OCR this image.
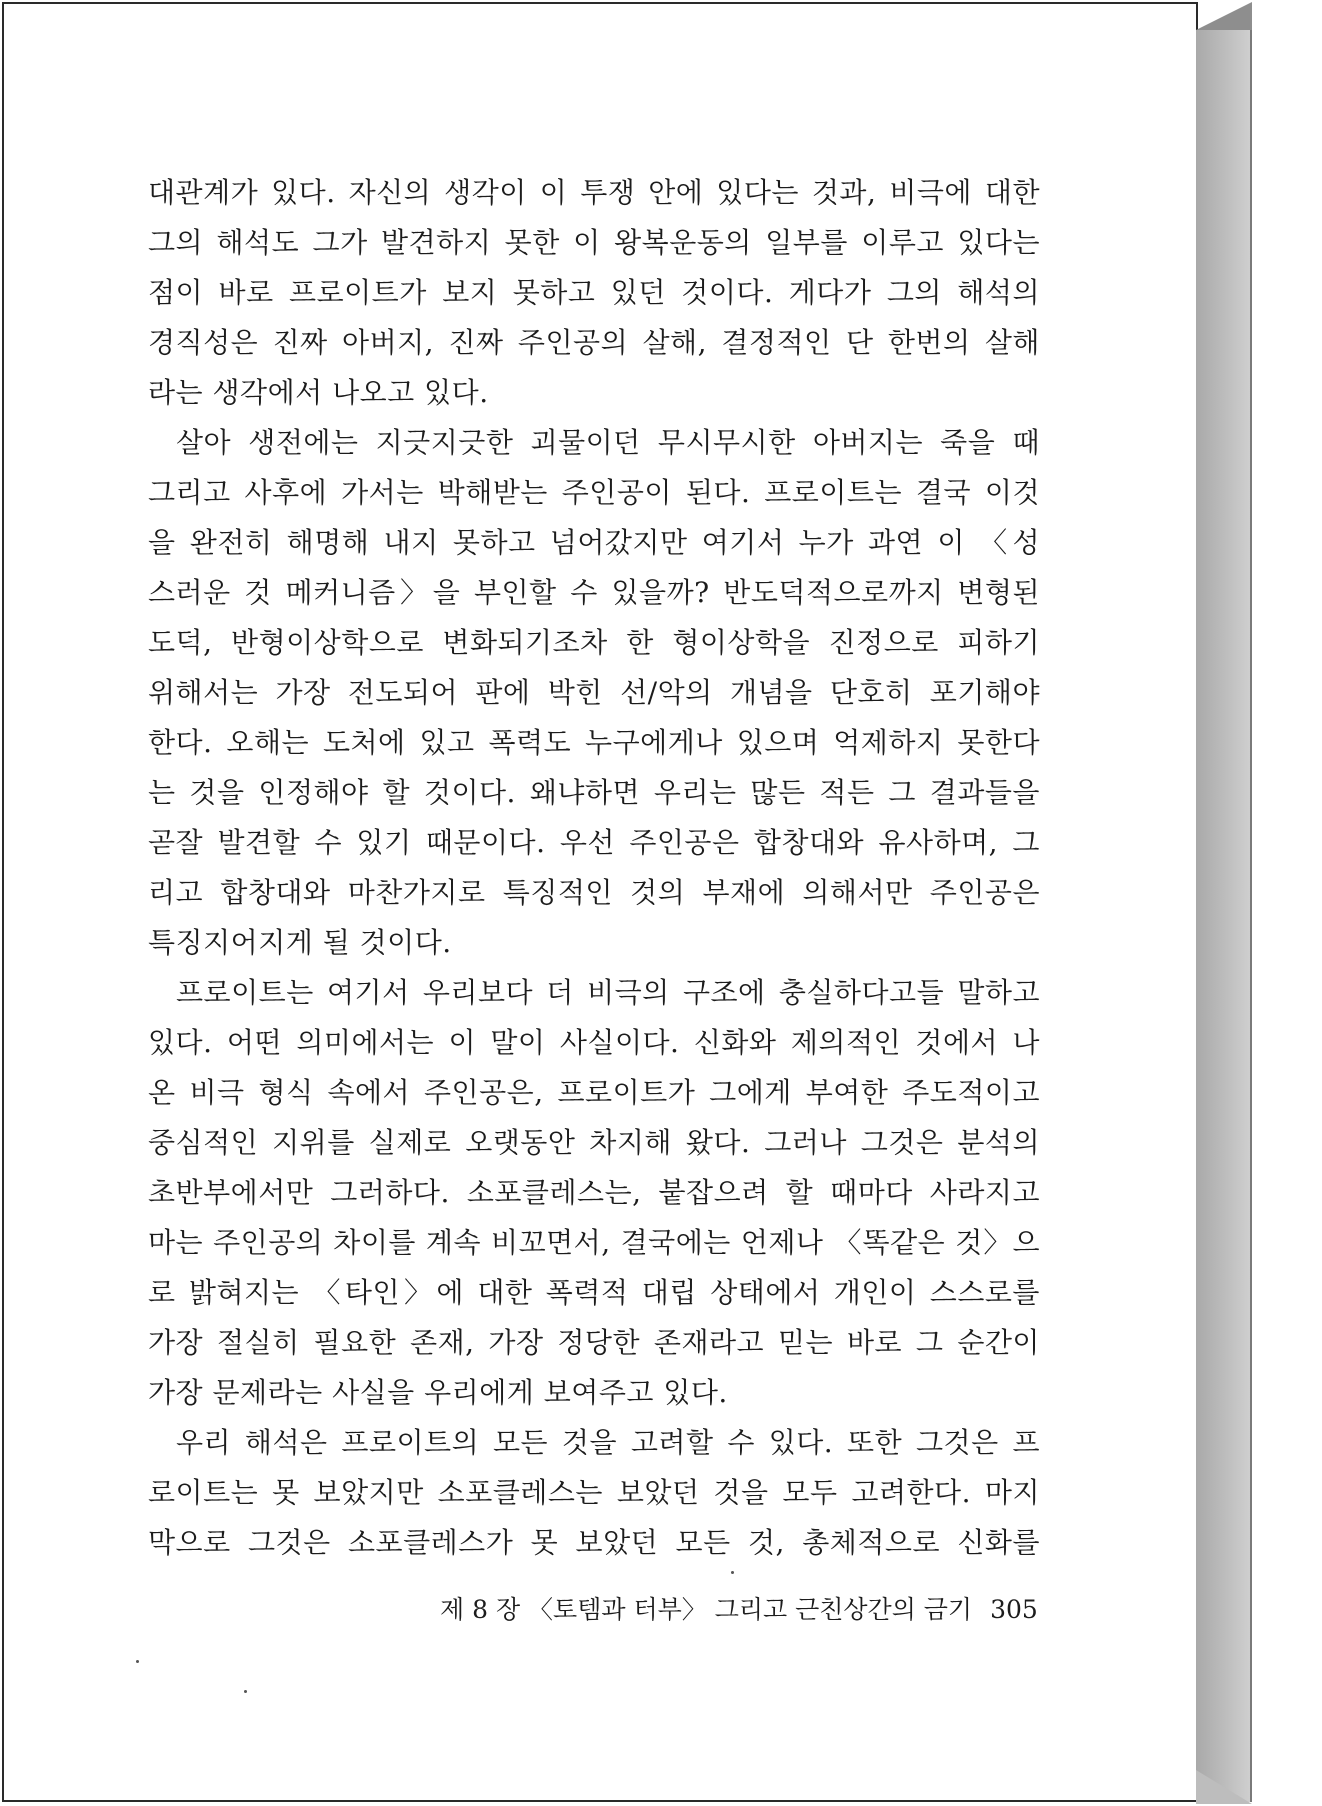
대관계가 있다. 자신의 생각이 이 투쟁 안에 있다는 것과, 비극에 대한
그의 해석도 그가 발견하지 못한 이 왕복운동의 일부를 이루고 있다는
점이 바로 프로이트가 보지 못하고 있던 것이다. 게다가 그의 해석의
경직성은 진짜 아버지, 진짜 주인공의 살해, 결정적인 단 한번의 살해
라는 생각에서 나오고 있다.
살아 생전에는 지긋지긋한 괴물이던 무시무시한 아버지는 죽을 때
그리고 사후에 가서는 박해받는 주인공이 된다. 프로이트는 결국 이것
을 완전히 해명해 내지 못하고 넘어갔지만 여기서 누가 과연 이 〈성
스러운 것 메커니즘〉을 부인할 수 있을까? 반도덕적으로까지 변형된
도덕, 반형이상학으로 변화되기조차 한 형이상학을 진정으로 피하기
위해서는 가장 전도되어 판에 박힌 선/악의 개념을 단호히 포기해야
한다. 오해는 도처에 있고 폭력도 누구에게나 있으며 억제하지 못한다
는 것을 인정해야 할 것이다. 왜냐하면 우리는 많든 적든 그 결과들을
곧잘 발견할 수 있기 때문이다. 우선 주인공은 합창대와 유사하며, 그
리고 합창대와 마찬가지로 특징적인 것의 부재에 의해서만 주인공은
특징지어지게 될 것이다.
프로이트는 여기서 우리보다 더 비극의 구조에 충실하다고들 말하고
있다. 어떤 의미에서는 이 말이 사실이다. 신화와 제의적인 것에서 나
온 비극 형식 속에서 주인공은, 프로이트가 그에게 부여한 주도적이고
중심적인 지위를 실제로 오랫동안 차지해 왔다. 그러나 그것은 분석의
초반부에서만 그러하다. 소포클레스는, 붙잡으려 할 때마다 사라지고
마는 주인공의 차이를 계속 비꼬면서, 결국에는 언제나 〈똑같은 것〉으
로 밝혀지는 〈타인〉에 대한 폭력적 대립 상태에서 개인이 스스로를
가장 절실히 필요한 존재, 가장 정당한 존재라고 믿는 바로 그 순간이
가장 문제라는 사실을 우리에게 보여주고 있다.
우리 해석은 프로이트의 모든 것을 고려할 수 있다. 또한 그것은 프
로이트는 못 보았지만 소포클레스는 보았던 것을 모두 고려한다. 마지
막으로 그것은 소포클레스가 못 보았던 모든 것, 총체적으로 신화를
제 8 장 〈토템과 터부〉 그리고 근친상간의 금기 305
